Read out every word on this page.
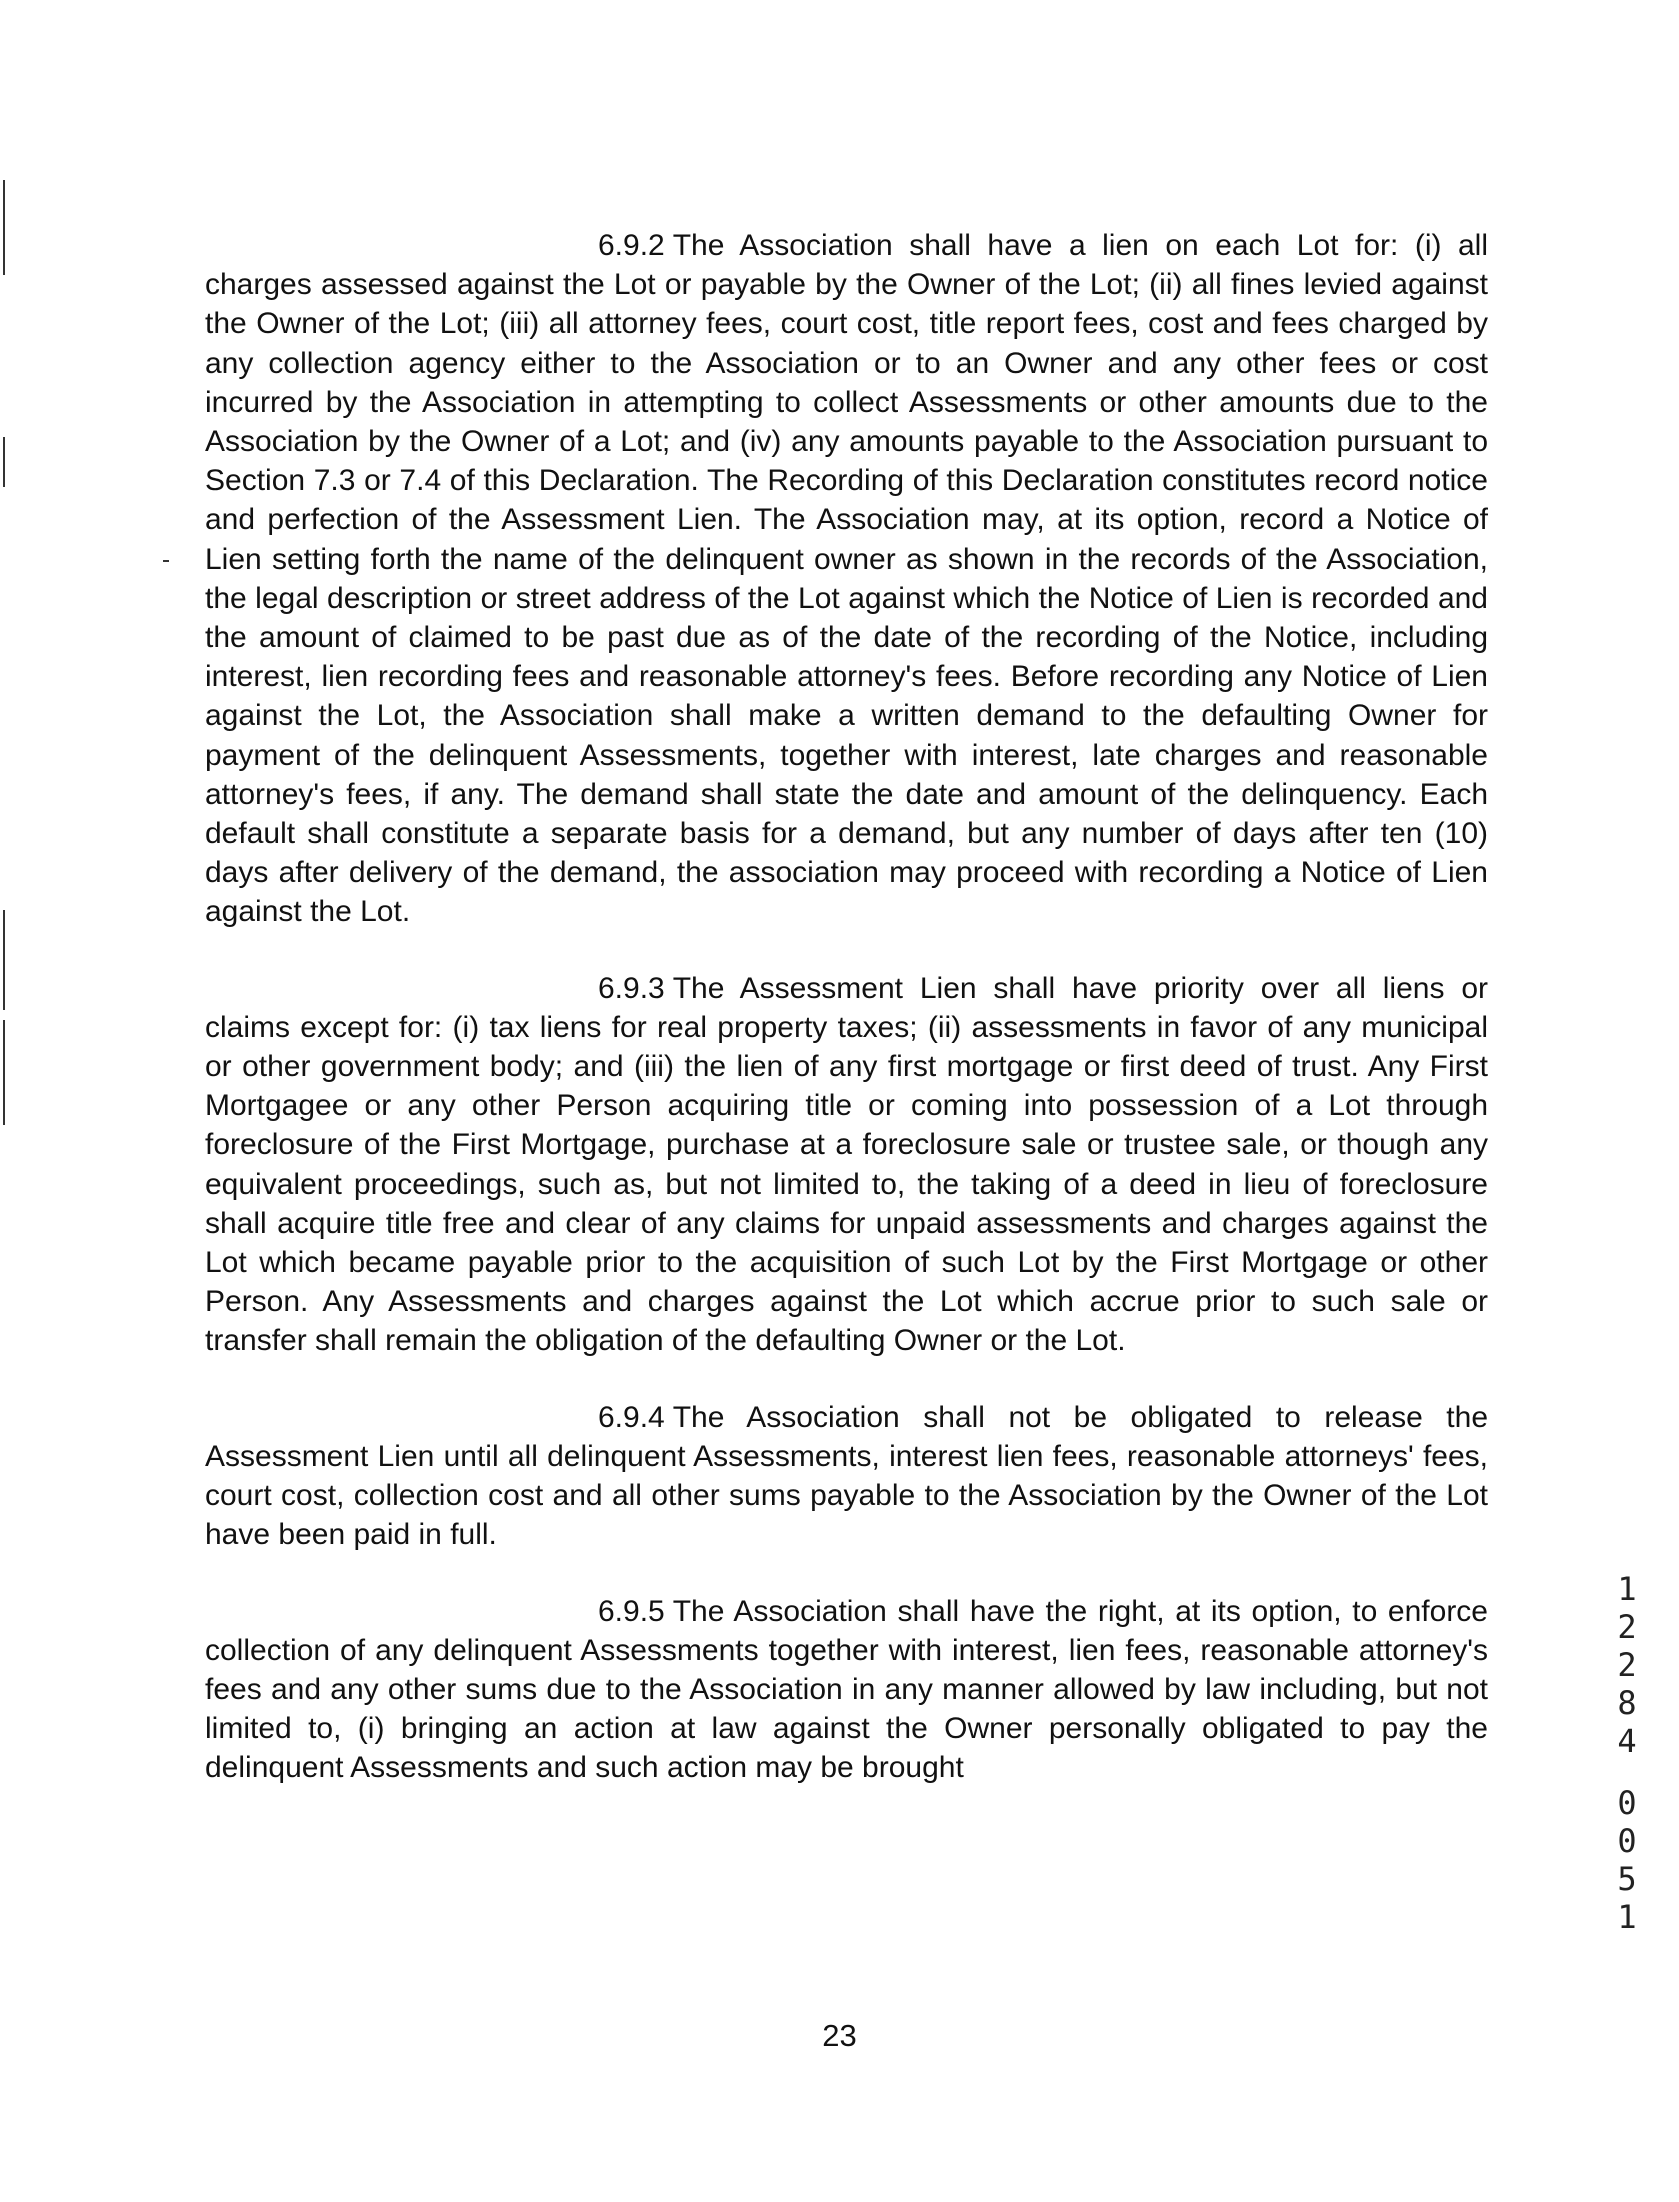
6.9.2 The Association shall have a lien on each Lot for: (i) all charges assessed against the Lot or payable by the Owner of the Lot; (ii) all fines levied against the Owner of the Lot; (iii) all attorney fees, court cost, title report fees, cost and fees charged by any collection agency either to the Association or to an Owner and any other fees or cost incurred by the Association in attempting to collect Assessments or other amounts due to the Association by the Owner of a Lot; and (iv) any amounts payable to the Association pursuant to Section 7.3 or 7.4 of this Declaration. The Recording of this Declaration constitutes record notice and perfection of the Assessment Lien. The Association may, at its option, record a Notice of Lien setting forth the name of the delinquent owner as shown in the records of the Association, the legal description or street address of the Lot against which the Notice of Lien is recorded and the amount of claimed to be past due as of the date of the recording of the Notice, including interest, lien recording fees and reasonable attorney's fees. Before recording any Notice of Lien against the Lot, the Association shall make a written demand to the defaulting Owner for payment of the delinquent Assessments, together with interest, late charges and reasonable attorney's fees, if any. The demand shall state the date and amount of the delinquency. Each default shall constitute a separate basis for a demand, but any number of days after ten (10) days after delivery of the demand, the association may proceed with recording a Notice of Lien against the Lot.

6.9.3 The Assessment Lien shall have priority over all liens or claims except for: (i) tax liens for real property taxes; (ii) assessments in favor of any municipal or other government body; and (iii) the lien of any first mortgage or first deed of trust. Any First Mortgagee or any other Person acquiring title or coming into possession of a Lot through foreclosure of the First Mortgage, purchase at a foreclosure sale or trustee sale, or though any equivalent proceedings, such as, but not limited to, the taking of a deed in lieu of foreclosure shall acquire title free and clear of any claims for unpaid assessments and charges against the Lot which became payable prior to the acquisition of such Lot by the First Mortgage or other Person. Any Assessments and charges against the Lot which accrue prior to such sale or transfer shall remain the obligation of the defaulting Owner or the Lot.

6.9.4 The Association shall not be obligated to release the Assessment Lien until all delinquent Assessments, interest lien fees, reasonable attorneys' fees, court cost, collection cost and all other sums payable to the Association by the Owner of the Lot have been paid in full.

6.9.5 The Association shall have the right, at its option, to enforce collection of any delinquent Assessments together with interest, lien fees, reasonable attorney's fees and any other sums due to the Association in any manner allowed by law including, but not limited to, (i) bringing an action at law against the Owner personally obligated to pay the delinquent Assessments and such action may be brought

1
2
2
8
4
0
0
5
1
23
